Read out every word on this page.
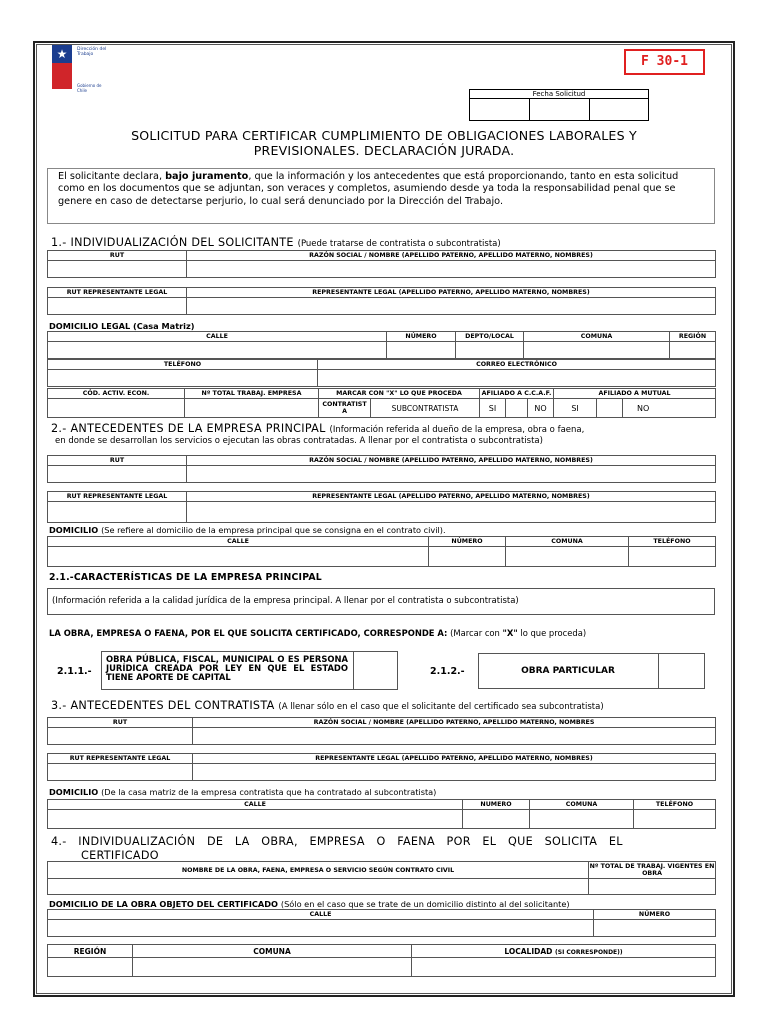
★	Dirección del Trabajo
Gobierno de Chile
F 30-1
Fecha Solicitud
SOLICITUD PARA CERTIFICAR CUMPLIMIENTO DE OBLIGACIONES LABORALES Y
PREVISIONALES. DECLARACIÓN JURADA.
El solicitante declara, bajo juramento, que la información y los antecedentes que está proporcionando, tanto en esta solicitud como en los documentos que se adjuntan, son veraces y completos, asumiendo desde ya toda la responsabilidad penal que se genere en caso de detectarse perjurio, lo cual será denunciado por la Dirección del Trabajo.
1.- INDIVIDUALIZACIÓN DEL SOLICITANTE (Puede tratarse de contratista o subcontratista)
RUT	RAZÓN SOCIAL / NOMBRE (APELLIDO PATERNO, APELLIDO MATERNO, NOMBRES)

RUT REPRESENTANTE LEGAL	REPRESENTANTE LEGAL (APELLIDO PATERNO, APELLIDO MATERNO, NOMBRES)

DOMICILIO LEGAL (Casa Matriz)
CALLE	NÚMERO	DEPTO/LOCAL	COMUNA	REGIÓN

TELÉFONO	CORREO ELECTRÓNICO

CÓD. ACTIV. ECON.	Nº TOTAL TRABAJ. EMPRESA	MARCAR CON "X" LO QUE PROCEDA		AFILIADO A C.C.A.F.			AFILIADO A MUTUAL		
		CONTRATIST A	SUBCONTRATISTA	SI		NO	SI		NO
2.- ANTECEDENTES DE LA EMPRESA PRINCIPAL (Información referida al dueño de la empresa, obra o faena,
en donde se desarrollan los servicios o ejecutan las obras contratadas. A llenar por el contratista o subcontratista)
RUT	RAZÓN SOCIAL / NOMBRE (APELLIDO PATERNO, APELLIDO MATERNO, NOMBRES)

RUT REPRESENTANTE LEGAL	REPRESENTANTE LEGAL (APELLIDO PATERNO, APELLIDO MATERNO, NOMBRES)

DOMICILIO (Se refiere al domicilio de la empresa principal que se consigna en el contrato civil).
CALLE	NÚMERO	COMUNA	TELÉFONO

2.1.-CARACTERÍSTICAS DE LA EMPRESA PRINCIPAL
(Información referida a la calidad jurídica de la empresa principal. A llenar por el contratista o subcontratista)
LA OBRA, EMPRESA O FAENA, POR EL QUE SOLICITA CERTIFICADO, CORRESPONDE A: (Marcar con "X" lo que proceda)
2.1.1.-
OBRA PÚBLICA, FISCAL, MUNICIPAL O ES PERSONA JURÍDICA CREADA POR LEY EN QUE EL ESTADO TIENE APORTE DE CAPITAL	2.1.2.-	OBRA PARTICULAR
3.- ANTECEDENTES DEL CONTRATISTA (A llenar sólo en el caso que el solicitante del certificado sea subcontratista)
RUT	RAZÓN SOCIAL / NOMBRE (APELLIDO PATERNO, APELLIDO MATERNO, NOMBRES

RUT REPRESENTANTE LEGAL	REPRESENTANTE LEGAL (APELLIDO PATERNO, APELLIDO MATERNO, NOMBRES)

DOMICILIO (De la casa matriz de la empresa contratista que ha contratado al subcontratista)
CALLE	NUMERO	COMUNA	TELÉFONO

4.- INDIVIDUALIZACIÓN DE LA OBRA, EMPRESA O FAENA POR EL QUE SOLICITA EL
CERTIFICADO
NOMBRE DE LA OBRA, FAENA, EMPRESA O SERVICIO SEGÚN CONTRATO CIVIL	Nº TOTAL DE TRABAJ. VIGENTES EN OBRA

DOMICILIO DE LA OBRA OBJETO DEL CERTIFICADO (Sólo en el caso que se trate de un domicilio distinto al del solicitante)
CALLE	NÚMERO

REGIÓN	COMUNA	LOCALIDAD (SI CORRESPONDE))
